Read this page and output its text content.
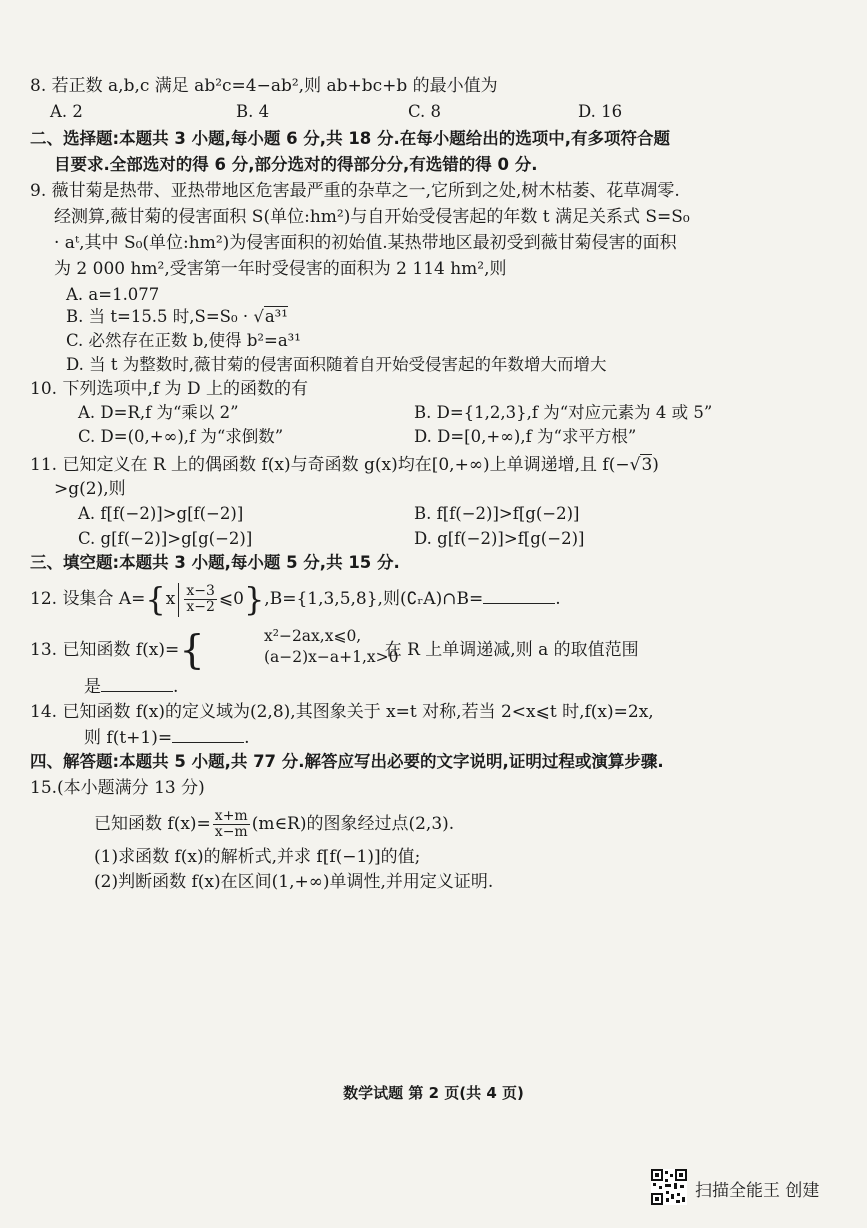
8. 若正数 a,b,c 满足 ab²c=4−ab²,则 ab+bc+b 的最小值为
A. 2	B. 4	C. 8	D. 16
二、选择题:本题共 3 小题,每小题 6 分,共 18 分.在每小题给出的选项中,有多项符合题
目要求.全部选对的得 6 分,部分选对的得部分分,有选错的得 0 分.
9. 薇甘菊是热带、亚热带地区危害最严重的杂草之一,它所到之处,树木枯萎、花草凋零.
经测算,薇甘菊的侵害面积 S(单位:hm²)与自开始受侵害起的年数 t 满足关系式 S=S₀
· aᵗ,其中 S₀(单位:hm²)为侵害面积的初始值.某热带地区最初受到薇甘菊侵害的面积
为 2 000 hm²,受害第一年时受侵害的面积为 2 114 hm²,则
A. a=1.077
B. 当 t=15.5 时,S=S₀ · √a³¹
C. 必然存在正数 b,使得 b²=a³¹
D. 当 t 为整数时,薇甘菊的侵害面积随着自开始受侵害起的年数增大而增大
10. 下列选项中,f 为 D 上的函数的有
A. D=R,f 为“乘以 2”	B. D={1,2,3},f 为“对应元素为 4 或 5”
C. D=(0,+∞),f 为“求倒数”	D. D=[0,+∞),f 为“求平方根”
11. 已知定义在 R 上的偶函数 f(x)与奇函数 g(x)均在[0,+∞)上单调递增,且 f(−√3)
>g(2),则
A. f[f(−2)]>g[f(−2)]	B. f[f(−2)]>f[g(−2)]
C. g[f(−2)]>g[g(−2)]	D. g[f(−2)]>f[g(−2)]
三、填空题:本题共 3 小题,每小题 5 分,共 15 分.
12. 设集合 $A=\{x \frac{x-3}{x-2}$ ⩽0},B={1,3,5,8},则(∁ᵣA)∩B=	.
13. 已知函数 f(x)={	在 R 上单调递减,则 a 的取值范围
x²−2ax,x⩽0,
(a−2)x−a+1,x>0
是	.
14. 已知函数 f(x)的定义域为(2,8),其图象关于 x=t 对称,若当 2<x⩽t 时,f(x)=2x,
则 f(t+1)=	.
四、解答题:本题共 5 小题,共 77 分.解答应写出必要的文字说明,证明过程或演算步骤.
15.(本小题满分 13 分)
已知函数 $f(x)= \frac{x+m}{x-m}$ (m∈R)的图象经过点(2,3).
(1)求函数 f(x)的解析式,并求 f[f(−1)]的值;
(2)判断函数 f(x)在区间(1,+∞)单调性,并用定义证明.
数学试题 第 2 页(共 4 页)
扫描全能王 创建
